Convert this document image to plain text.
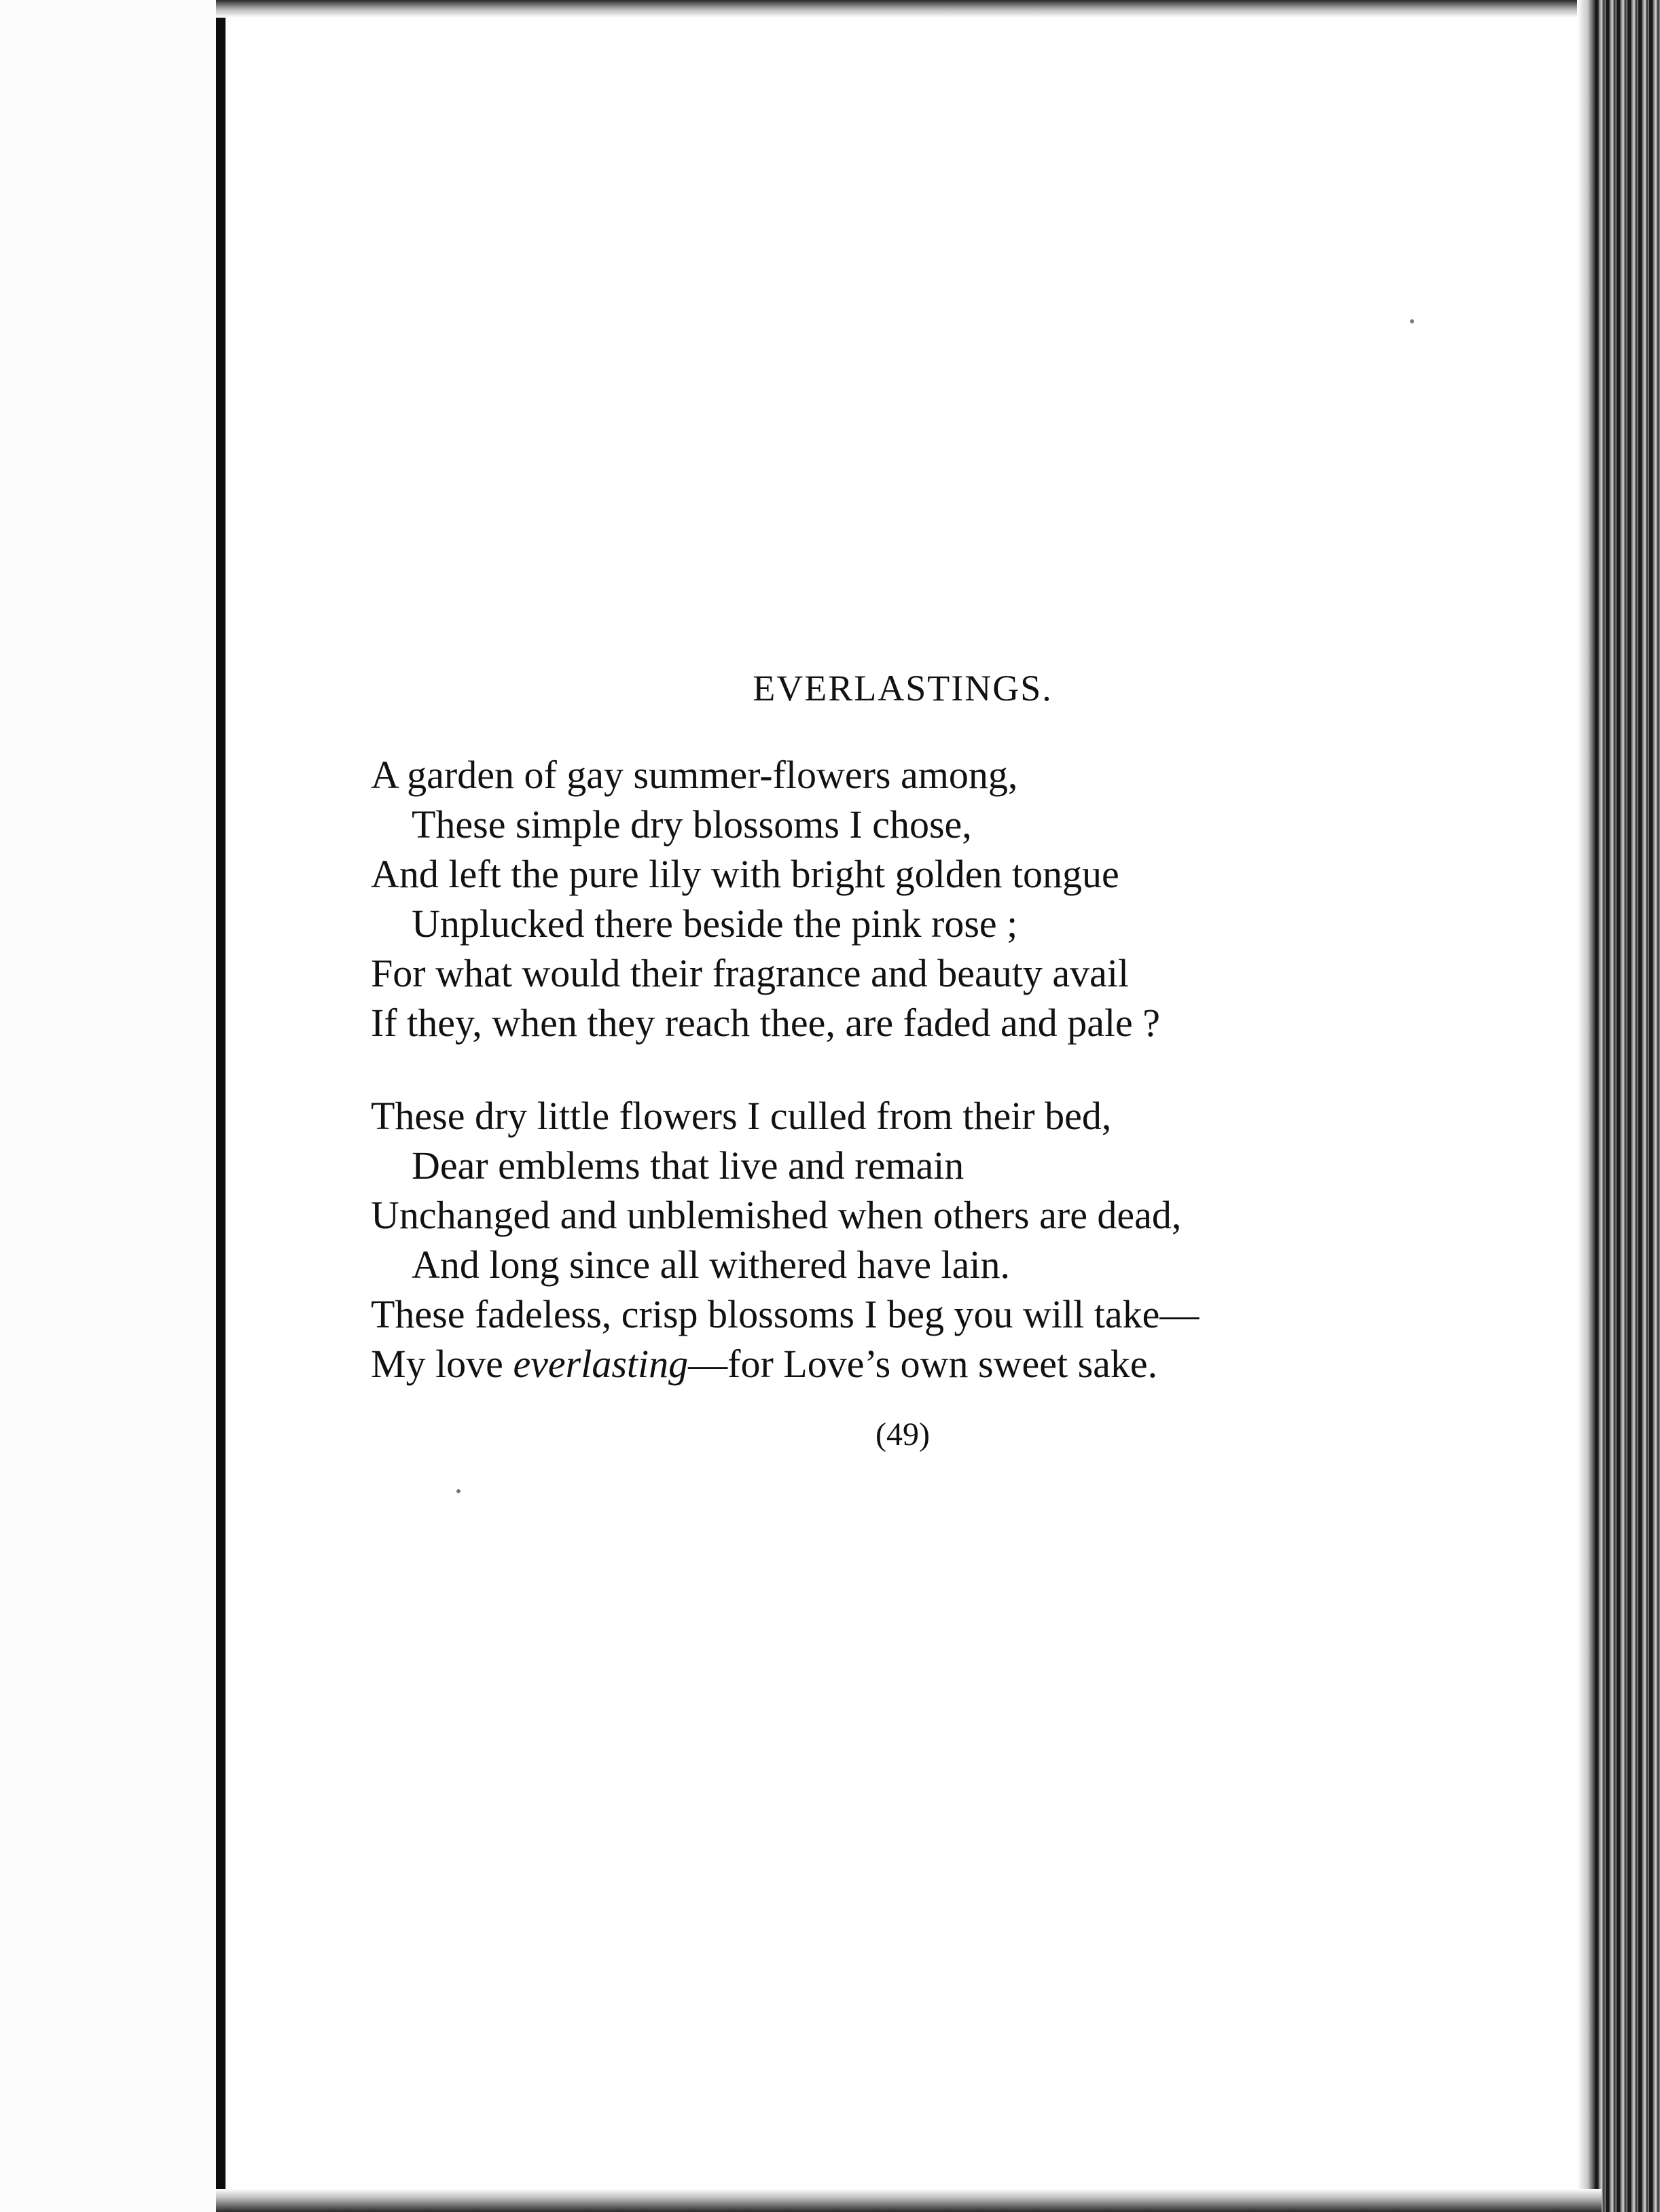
EVERLASTINGS.
A garden of gay summer-flowers among,
These simple dry blossoms I chose,
And left the pure lily with bright golden tongue
Unplucked there beside the pink rose ;
For what would their fragrance and beauty avail
If they, when they reach thee, are faded and pale ?
These dry little flowers I culled from their bed,
Dear emblems that live and remain
Unchanged and unblemished when others are dead,
And long since all withered have lain.
These fadeless, crisp blossoms I beg you will take—
My love everlasting—for Love’s own sweet sake.

(49)
